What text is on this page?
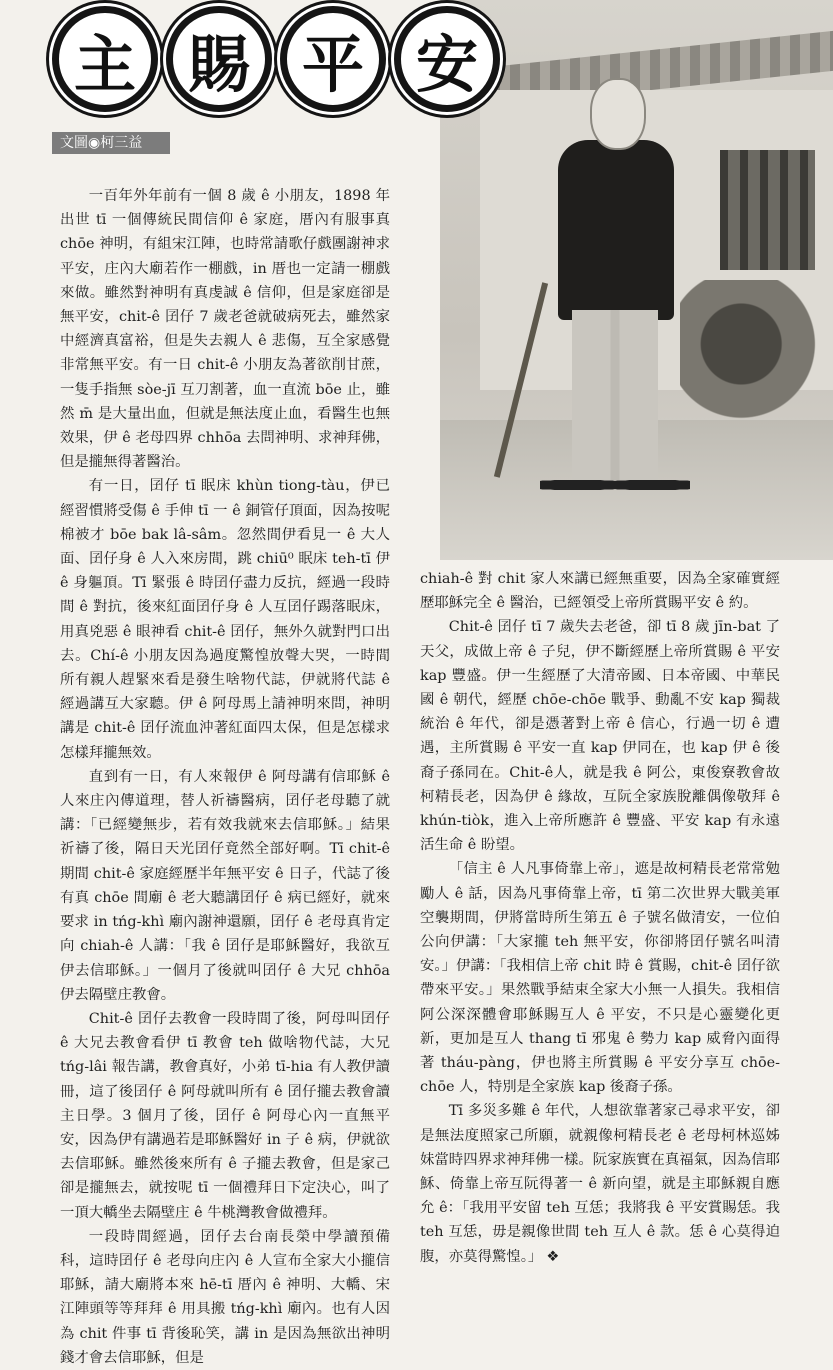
主 賜 平 安
文圖◉柯三益

一百年外年前有一個 8 歲 ê 小朋友，1898 年出世 tī 一個傳統民間信仰 ê 家庭，厝內有服事真 chōe 神明，有組宋江陣，也時常請歌仔戲團謝神求平安，庄內大廟若作一棚戲，in 厝也一定請一棚戲來做。雖然對神明有真虔誠 ê 信仰，但是家庭卻是無平安，chit-ê 囝仔 7 歲老爸就破病死去，雖然家中經濟真富裕，但是失去親人 ê 悲傷，互全家感覺非常無平安。有一日 chit-ê 小朋友為著欲削甘蔗，一隻手指無 sòe-jī 互刀割著，血一直流 bōe 止，雖然 m̄ 是大量出血，但就是無法度止血，看醫生也無效果，伊 ê 老母四界 chhōa 去問神明、求神拜佛，但是攏無得著醫治。

有一日，囝仔 tī 眠床 khùn tiong-tàu，伊已經習慣將受傷 ê 手伸 tī 一 ê 銅管仔頂面，因為按呢棉被才 bōe bak lâ-sâm。忽然間伊看見一 ê 大人面、囝仔身 ê 人入來房間，跳 chiū⁰ 眠床 teh-tī 伊 ê 身軀頂。Tī 緊張 ê 時囝仔盡力反抗，經過一段時間 ê 對抗，後來紅面囝仔身 ê 人互囝仔踢落眠床，用真兇惡 ê 眼神看 chit-ê 囝仔，無外久就對門口出去。Chí-ê 小朋友因為過度驚惶放聲大哭，一時間所有親人趕緊來看是發生啥物代誌，伊就將代誌 ê 經過講互大家聽。伊 ê 阿母馬上請神明來問，神明講是 chit-ê 囝仔流血沖著紅面四太保，但是怎樣求怎樣拜攏無效。

直到有一日，有人來報伊 ê 阿母講有信耶穌 ê 人來庄內傳道理，替人祈禱醫病，囝仔老母聽了就講：「已經變無步，若有效我就來去信耶穌。」結果祈禱了後，隔日天光囝仔竟然全部好啊。Tī chit-ê 期間 chit-ê 家庭經歷半年無平安 ê 日子，代誌了後有真 chōe 間廟 ê 老大聽講囝仔 ê 病已經好，就來要求 in tńg-khì 廟內謝神還願，囝仔 ê 老母真肯定向 chiah-ê 人講：「我 ê 囝仔是耶穌醫好，我欲互伊去信耶穌。」一個月了後就叫囝仔 ê 大兄 chhōa 伊去隔壁庄教會。

Chit-ê 囝仔去教會一段時間了後，阿母叫囝仔 ê 大兄去教會看伊 tī 教會 teh 做啥物代誌，大兄 tńg-lâi 報告講，教會真好，小弟 tī-hia 有人教伊讀冊，這了後囝仔 ê 阿母就叫所有 ê 囝仔攏去教會讀主日學。3 個月了後，囝仔 ê 阿母心內一直無平安，因為伊有講過若是耶穌醫好 in 子 ê 病，伊就欲去信耶穌。雖然後來所有 ê 子攏去教會，但是家己卻是攏無去，就按呢 tī 一個禮拜日下定決心，叫了一頂大轎坐去隔壁庄 ê 牛桃灣教會做禮拜。

一段時間經過，囝仔去台南長榮中學讀預備科，這時囝仔 ê 老母向庄內 ê 人宣布全家大小攏信耶穌，請大廟將本來 hē-tī 厝內 ê 神明、大轎、宋江陣頭等等拜拜 ê 用具搬 tńg-khì 廟內。也有人因為 chit 件事 tī 背後恥笑，講 in 是因為無欲出神明錢才會去信耶穌，但是

chiah-ê 對 chit 家人來講已經無重要，因為全家確實經歷耶穌完全 ê 醫治，已經領受上帝所賞賜平安 ê 約。

Chit-ê 囝仔 tī 7 歲失去老爸，卻 tī 8 歲 jīn-bat 了天父，成做上帝 ê 子兒，伊不斷經歷上帝所賞賜 ê 平安 kap 豐盛。伊一生經歷了大清帝國、日本帝國、中華民國 ê 朝代，經歷 chōe-chōe 戰爭、動亂不安 kap 獨裁統治 ê 年代，卻是憑著對上帝 ê 信心，行過一切 ê 遭遇，主所賞賜 ê 平安一直 kap 伊同在，也 kap 伊 ê 後裔子孫同在。Chit-ê人，就是我 ê 阿公，東俊寮教會故柯精長老，因為伊 ê 緣故，互阮全家族脫離偶像敬拜 ê khún-tiòk，進入上帝所應許 ê 豐盛、平安 kap 有永遠活生命 ê 盼望。

「信主 ê 人凡事倚靠上帝」，遮是故柯精長老常常勉勵人 ê 話，因為凡事倚靠上帝，tī 第二次世界大戰美軍空襲期間，伊將當時所生第五 ê 子號名做清安，一位伯公向伊講：「大家攏 teh 無平安，你卻將囝仔號名叫清安。」伊講：「我相信上帝 chit 時 ê 賞賜，chit-ê 囝仔欲帶來平安。」果然戰爭結束全家大小無一人損失。我相信阿公深深體會耶穌賜互人 ê 平安，不只是心靈變化更新，更加是互人 thang tī 邪鬼 ê 勢力 kap 威脅內面得著 tháu-pàng，伊也將主所賞賜 ê 平安分享互 chōe-chōe 人，特別是全家族 kap 後裔子孫。

Tī 多災多難 ê 年代，人想欲靠著家己尋求平安，卻是無法度照家己所願，就親像柯精長老 ê 老母柯林巡姊妹當時四界求神拜佛一樣。阮家族實在真福氣，因為信耶穌、倚靠上帝互阮得著一 ê 新向望，就是主耶穌親自應允 ê：「我用平安留 teh 互恁；我將我 ê 平安賞賜恁。我 teh 互恁，毋是親像世間 teh 互人 ê 款。恁 ê 心莫得迫腹，亦莫得驚惶。」 ❖
